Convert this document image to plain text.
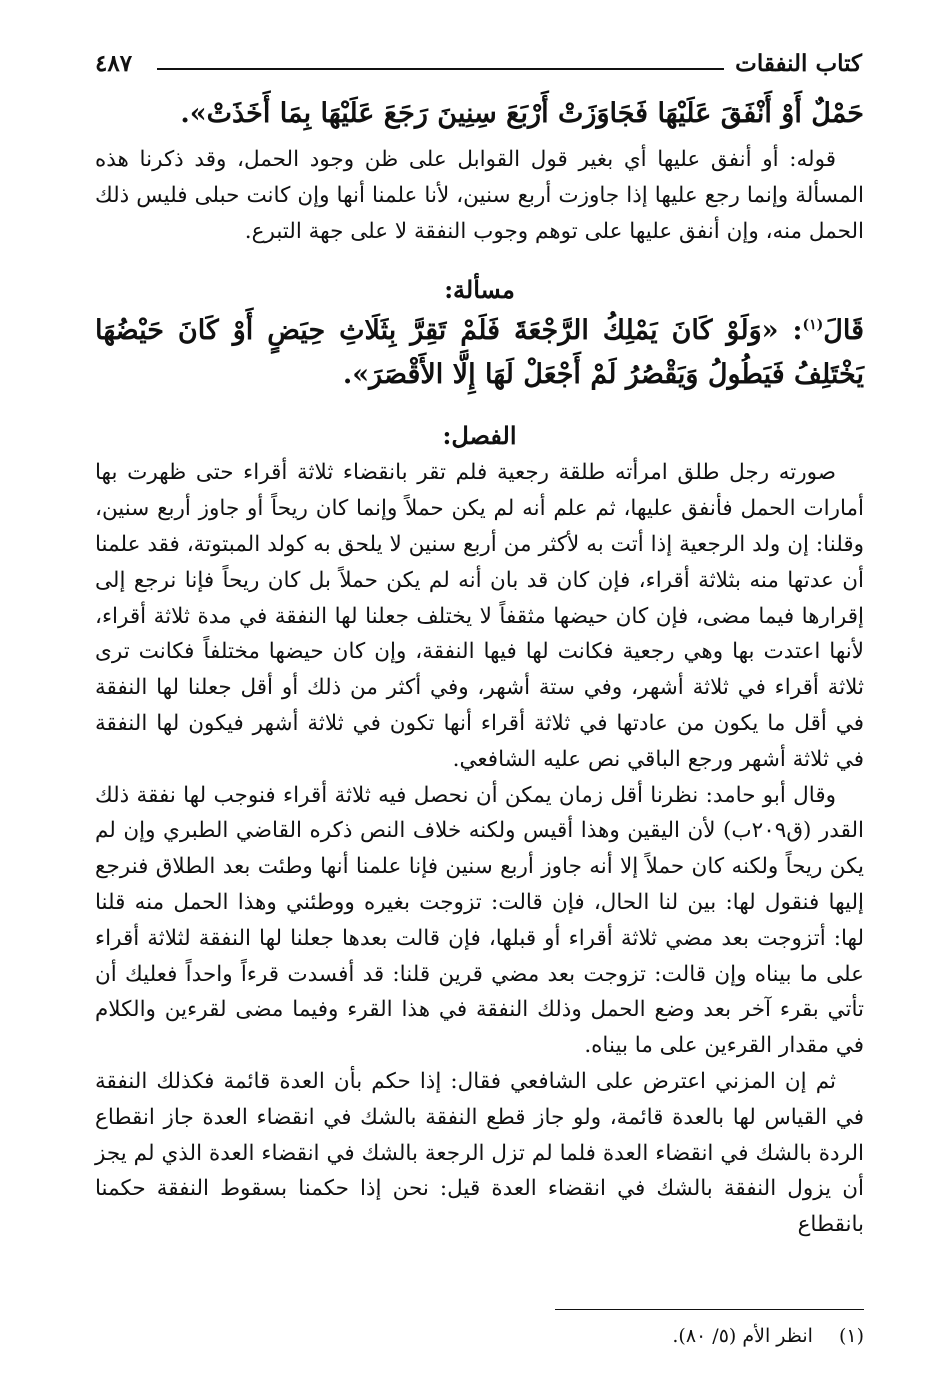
كتاب النفقات
٤٨٧

حَمْلٌ أَوْ أَنْفَقَ عَلَيْهَا فَجَاوَزَتْ أَرْبَعَ سِنِينَ رَجَعَ عَلَيْهَا بِمَا أَخَذَتْ».

قوله: أو أنفق عليها أي بغير قول القوابل على ظن وجود الحمل، وقد ذكرنا هذه المسألة وإنما رجع عليها إذا جاوزت أربع سنين، لأنا علمنا أنها وإن كانت حبلى فليس ذلك الحمل منه، وإن أنفق عليها على توهم وجوب النفقة لا على جهة التبرع.

مسألة:

قَالَ$^{(١)}$: «وَلَوْ كَانَ يَمْلِكُ الرَّجْعَةَ فَلَمْ تَقِرَّ بِثَلَاثِ حِيَضٍ أَوْ كَانَ حَيْضُهَا يَخْتَلِفُ فَيَطُولُ وَيَقْصُرُ لَمْ أَجْعَلْ لَهَا إِلَّا الأَقْصَرَ».

الفصل:

صورته رجل طلق امرأته طلقة رجعية فلم تقر بانقضاء ثلاثة أقراء حتى ظهرت بها أمارات الحمل فأنفق عليها، ثم علم أنه لم يكن حملاً وإنما كان ريحاً أو جاوز أربع سنين، وقلنا: إن ولد الرجعية إذا أتت به لأكثر من أربع سنين لا يلحق به كولد المبتوتة، فقد علمنا أن عدتها منه بثلاثة أقراء، فإن كان قد بان أنه لم يكن حملاً بل كان ريحاً فإنا نرجع إلى إقرارها فيما مضى، فإن كان حيضها مثقفاً لا يختلف جعلنا لها النفقة في مدة ثلاثة أقراء، لأنها اعتدت بها وهي رجعية فكانت لها فيها النفقة، وإن كان حيضها مختلفاً فكانت ترى ثلاثة أقراء في ثلاثة أشهر، وفي ستة أشهر، وفي أكثر من ذلك أو أقل جعلنا لها النفقة في أقل ما يكون من عادتها في ثلاثة أقراء أنها تكون في ثلاثة أشهر فيكون لها النفقة في ثلاثة أشهر ورجع الباقي نص عليه الشافعي.

وقال أبو حامد: نظرنا أقل زمان يمكن أن نحصل فيه ثلاثة أقراء فنوجب لها نفقة ذلك القدر (ق٢٠٩ب) لأن اليقين وهذا أقيس ولكنه خلاف النص ذكره القاضي الطبري وإن لم يكن ريحاً ولكنه كان حملاً إلا أنه جاوز أربع سنين فإنا علمنا أنها وطئت بعد الطلاق فنرجع إليها فنقول لها: بين لنا الحال، فإن قالت: تزوجت بغيره ووطئني وهذا الحمل منه قلنا لها: أتزوجت بعد مضي ثلاثة أقراء أو قبلها، فإن قالت بعدها جعلنا لها النفقة لثلاثة أقراء على ما بيناه وإن قالت: تزوجت بعد مضي قرين قلنا: قد أفسدت قرءاً واحداً فعليك أن تأتي بقرء آخر بعد وضع الحمل وذلك النفقة في هذا القرء وفيما مضى لقرءين والكلام في مقدار القرءين على ما بيناه.

ثم إن المزني اعترض على الشافعي فقال: إذا حكم بأن العدة قائمة فكذلك النفقة في القياس لها بالعدة قائمة، ولو جاز قطع النفقة بالشك في انقضاء العدة جاز انقطاع الردة بالشك في انقضاء العدة فلما لم تزل الرجعة بالشك في انقضاء العدة الذي لم يجز أن يزول النفقة بالشك في انقضاء العدة قيل: نحن إذا حكمنا بسقوط النفقة حكمنا بانقطاع

(١)انظر الأم (٥/ ٨٠).
